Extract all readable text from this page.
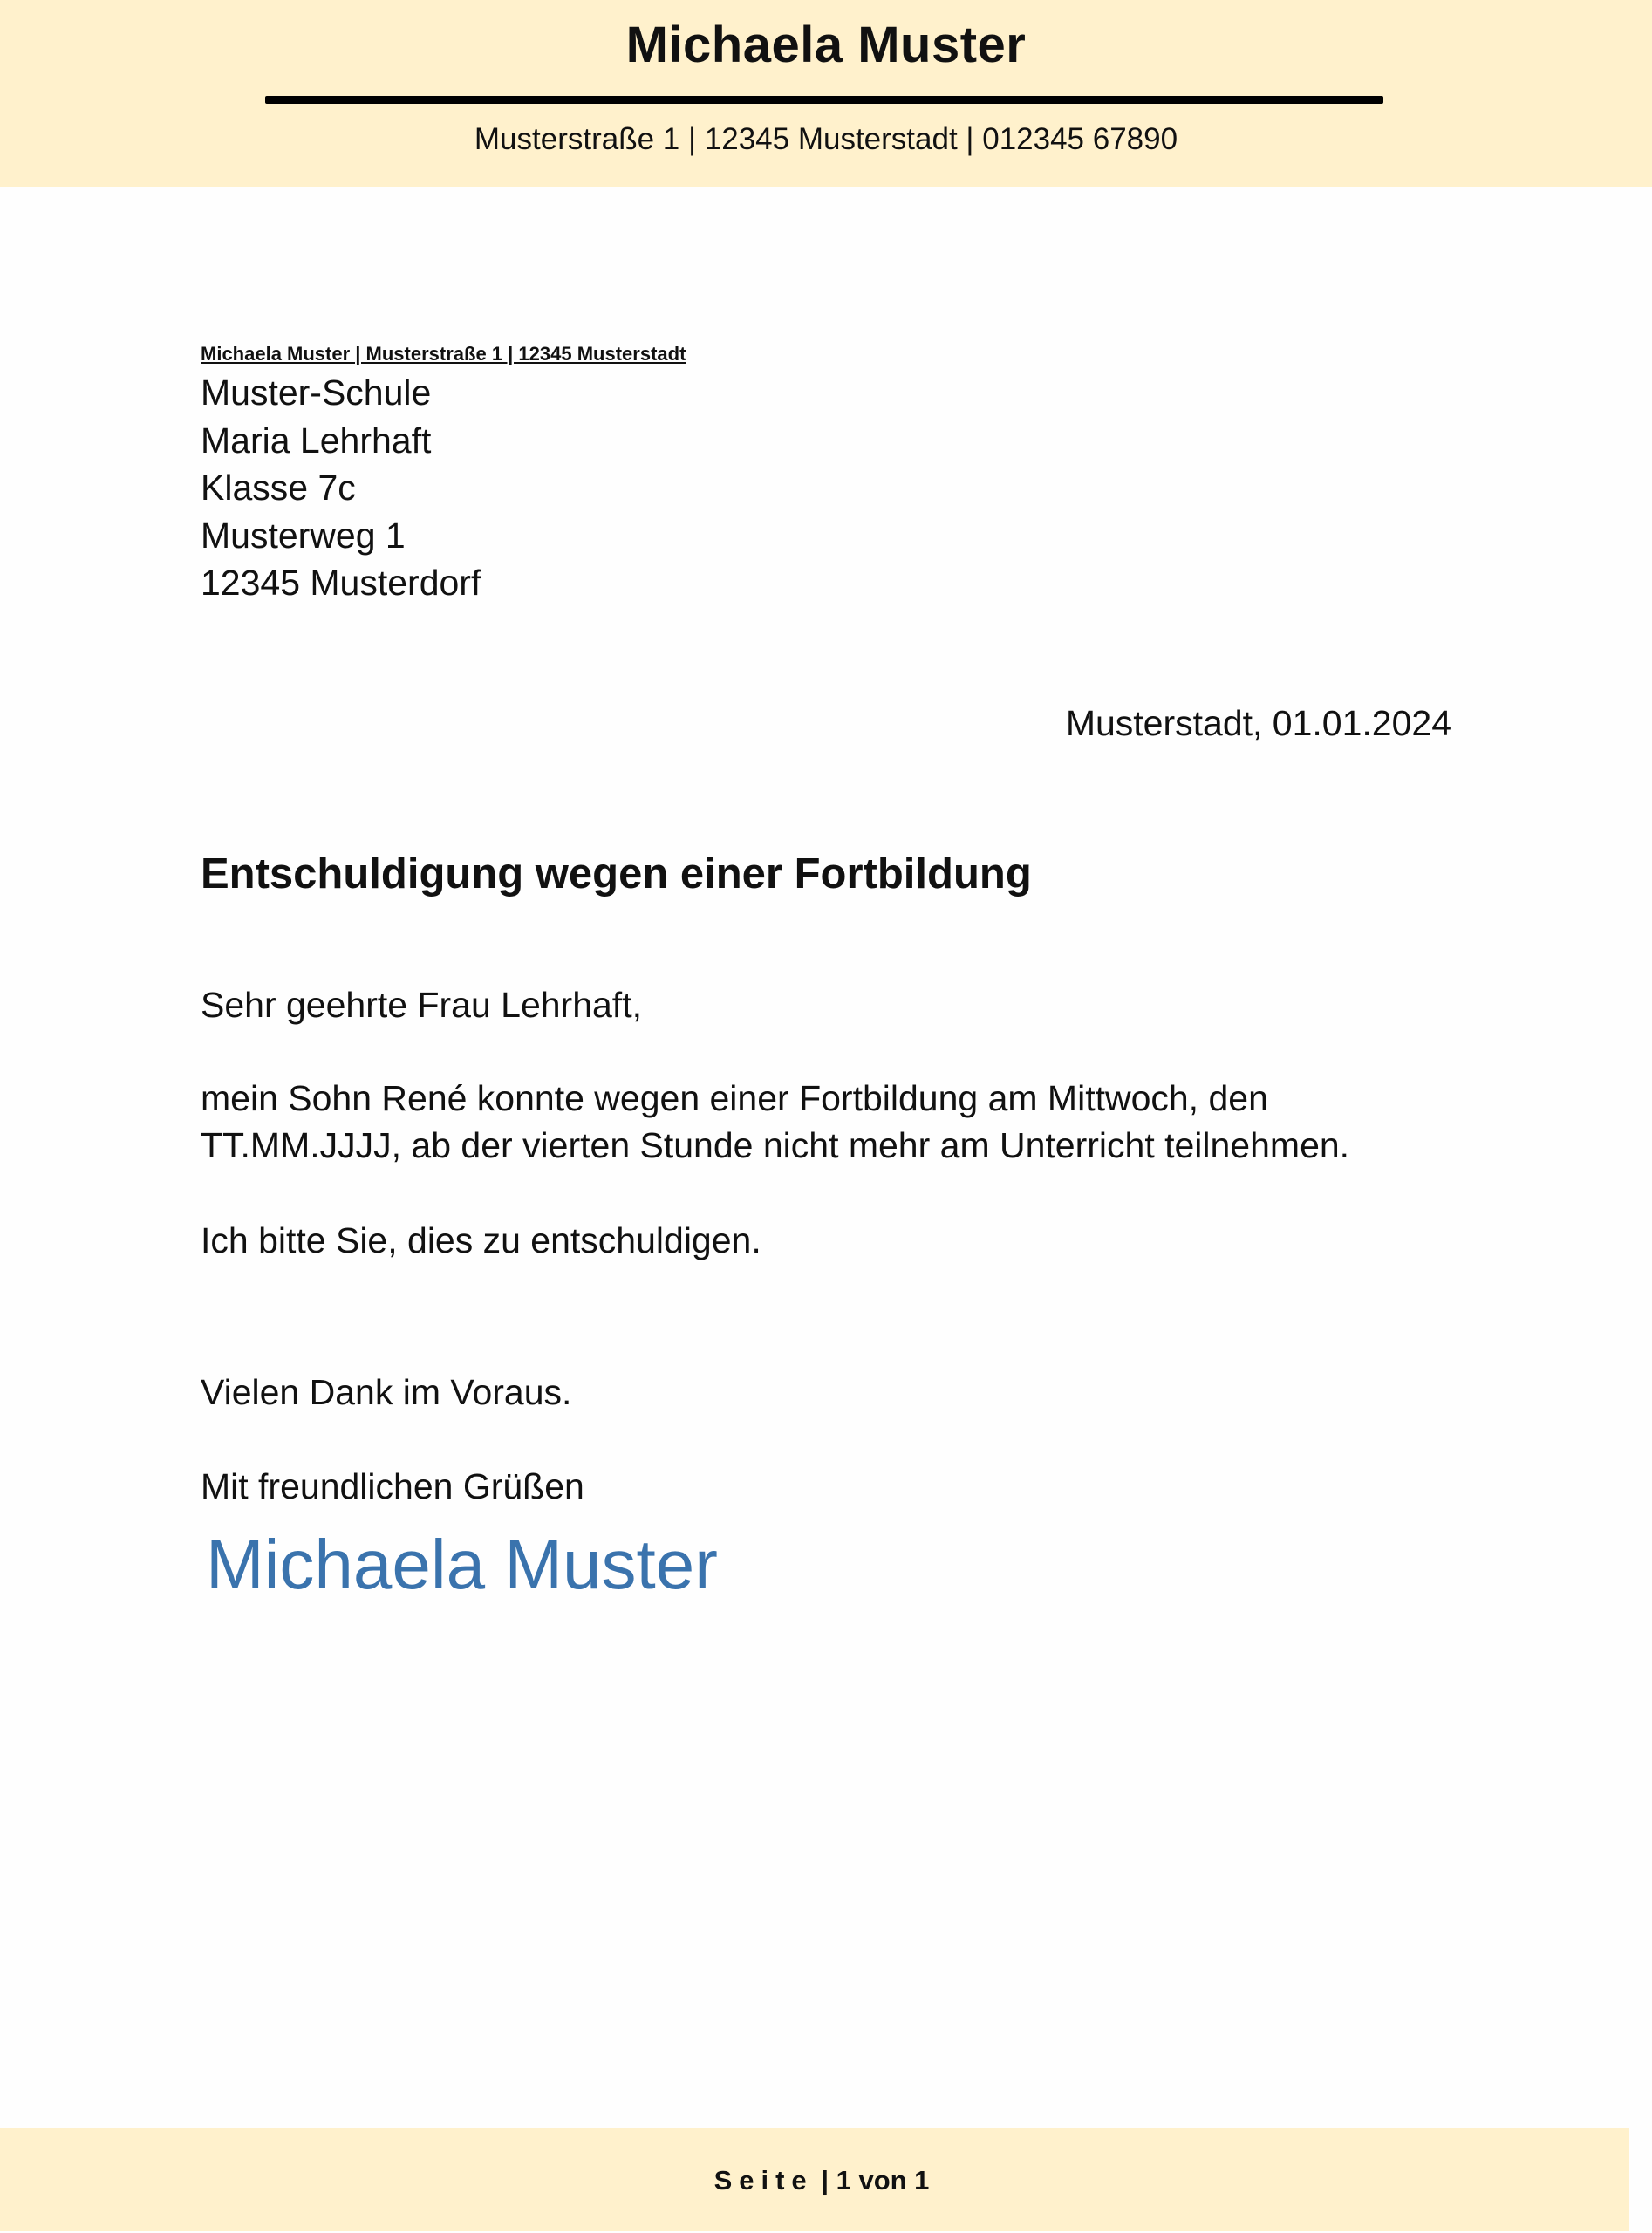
Michaela Muster
Musterstraße 1 | 12345 Musterstadt | 012345 67890
Michaela Muster | Musterstraße 1 | 12345 Musterstadt
Muster-Schule
Maria Lehrhaft
Klasse 7c
Musterweg 1
12345 Musterdorf
Musterstadt, 01.01.2024
Entschuldigung wegen einer Fortbildung
Sehr geehrte Frau Lehrhaft,
mein Sohn René konnte wegen einer Fortbildung am Mittwoch, den
TT.MM.JJJJ, ab der vierten Stunde nicht mehr am Unterricht teilnehmen.
Ich bitte Sie, dies zu entschuldigen.
Vielen Dank im Voraus.
Mit freundlichen Grüßen
Michaela Muster
Seite | 1 von 1
